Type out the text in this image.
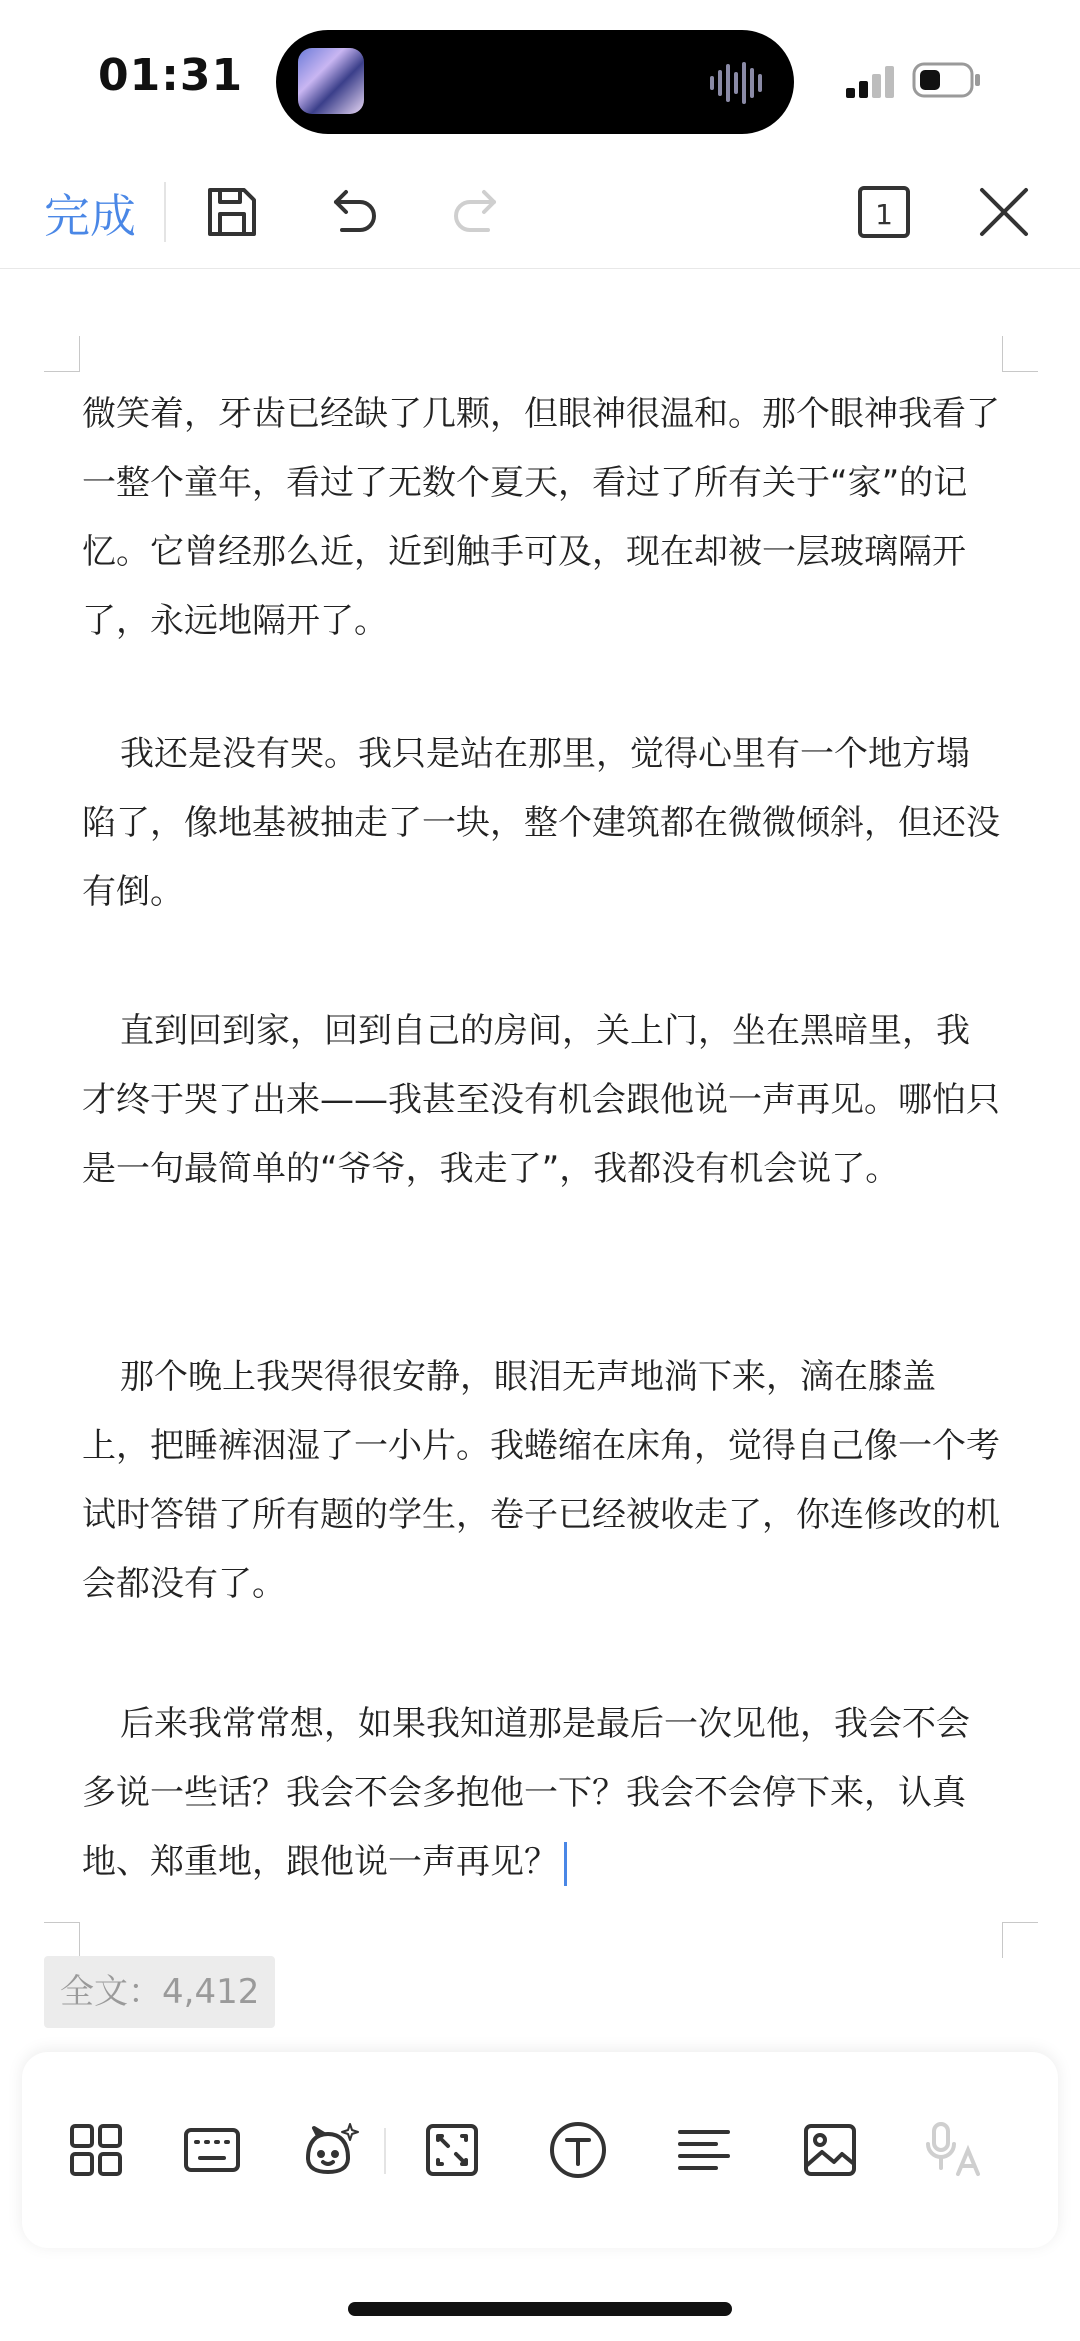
01:31
完成	1
微笑着，牙齿已经缺了几颗，但眼神很温和。那个眼神我看了一整个童年，看过了无数个夏天，看过了所有关于“家”的记忆。它曾经那么近，近到触手可及，现在却被一层玻璃隔开了，永远地隔开了。
我还是没有哭。我只是站在那里，觉得心里有一个地方塌陷了，像地基被抽走了一块，整个建筑都在微微倾斜，但还没有倒。
直到回到家，回到自己的房间，关上门，坐在黑暗里，我才终于哭了出来——我甚至没有机会跟他说一声再见。哪怕只是一句最简单的“爷爷，我走了”，我都没有机会说了。
那个晚上我哭得很安静，眼泪无声地淌下来，滴在膝盖上，把睡裤洇湿了一小片。我蜷缩在床角，觉得自己像一个考试时答错了所有题的学生，卷子已经被收走了，你连修改的机会都没有了。
后来我常常想，如果我知道那是最后一次见他，我会不会多说一些话？我会不会多抱他一下？我会不会停下来，认真地、郑重地，跟他说一声再见？
全文：4,412
